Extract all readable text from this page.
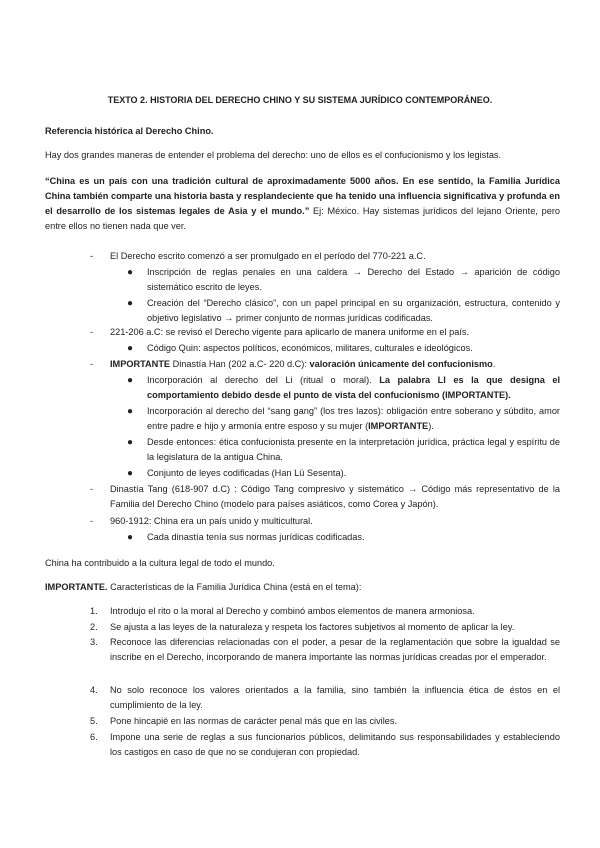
TEXTO 2. HISTORIA DEL DERECHO CHINO Y SU SISTEMA JURÍDICO CONTEMPORÁNEO.
Referencia histórica al Derecho Chino.
Hay dos grandes maneras de entender el problema del derecho: uno de ellos es el confucionismo y los legistas.
“China es un país con una tradición cultural de aproximadamente 5000 años. En ese sentido, la Familia Jurídica China también comparte una historia basta y resplandeciente que ha tenido una influencia significativa y profunda en el desarrollo de los sistemas legales de Asia y el mundo.” Ej: México. Hay sistemas jurídicos del lejano Oriente, pero entre ellos no tienen nada que ver.
- El Derecho escrito comenzó a ser promulgado en el período del 770-221 a.C.
● Inscripción de reglas penales en una caldera → Derecho del Estado → aparición de código sistemático escrito de leyes.
● Creación del “Derecho clásico”, con un papel principal en su organización, estructura, contenido y objetivo legislativo → primer conjunto de normas jurídicas codificadas.
- 221-206 a.C: se revisó el Derecho vigente para aplicarlo de manera uniforme en el país.
● Código Quin: aspectos políticos, económicos, militares, culturales e ideológicos.
- IMPORTANTE Dinastía Han (202 a.C- 220 d.C): valoración únicamente del confucionismo.
● Incorporación al derecho del Li (ritual o moral). La palabra LI es la que designa el comportamiento debido desde el punto de vista del confucionismo (IMPORTANTE).
● Incorporación al derecho del “sang gang” (los tres lazos): obligación entre soberano y súbdito, amor entre padre e hijo y armonía entre esposo y su mujer (IMPORTANTE).
● Desde entonces: ética confucionista presente en la interpretación jurídica, práctica legal y espíritu de la legislatura de la antigua China.
● Conjunto de leyes codificadas (Han Lü Sesenta).
- Dinastía Tang (618-907 d.C) : Código Tang compresivo y sistemático → Código más representativo de la Familia del Derecho Chino (modelo para países asiáticos, como Corea y Japón).
- 960-1912: China era un país unido y multicultural.
● Cada dinastía tenía sus normas jurídicas codificadas.
China ha contribuido a la cultura legal de todo el mundo.
IMPORTANTE. Características de la Familia Jurídica China (está en el tema):
1. Introdujo el rito o la moral al Derecho y combinó ambos elementos de manera armoniosa.
2. Se ajusta a las leyes de la naturaleza y respeta los factores subjetivos al momento de aplicar la ley.
3. Reconoce las diferencias relacionadas con el poder, a pesar de la reglamentación que sobre la igualdad se inscribe en el Derecho, incorporando de manera importante las normas jurídicas creadas por el emperador.
4. No solo reconoce los valores orientados a la familia, sino también la influencia ética de éstos en el cumplimiento de la ley.
5. Pone hincapié en las normas de carácter penal más que en las civiles.
6. Impone una serie de reglas a sus funcionarios públicos, delimitando sus responsabilidades y estableciendo los castigos en caso de que no se condujeran con propiedad.
